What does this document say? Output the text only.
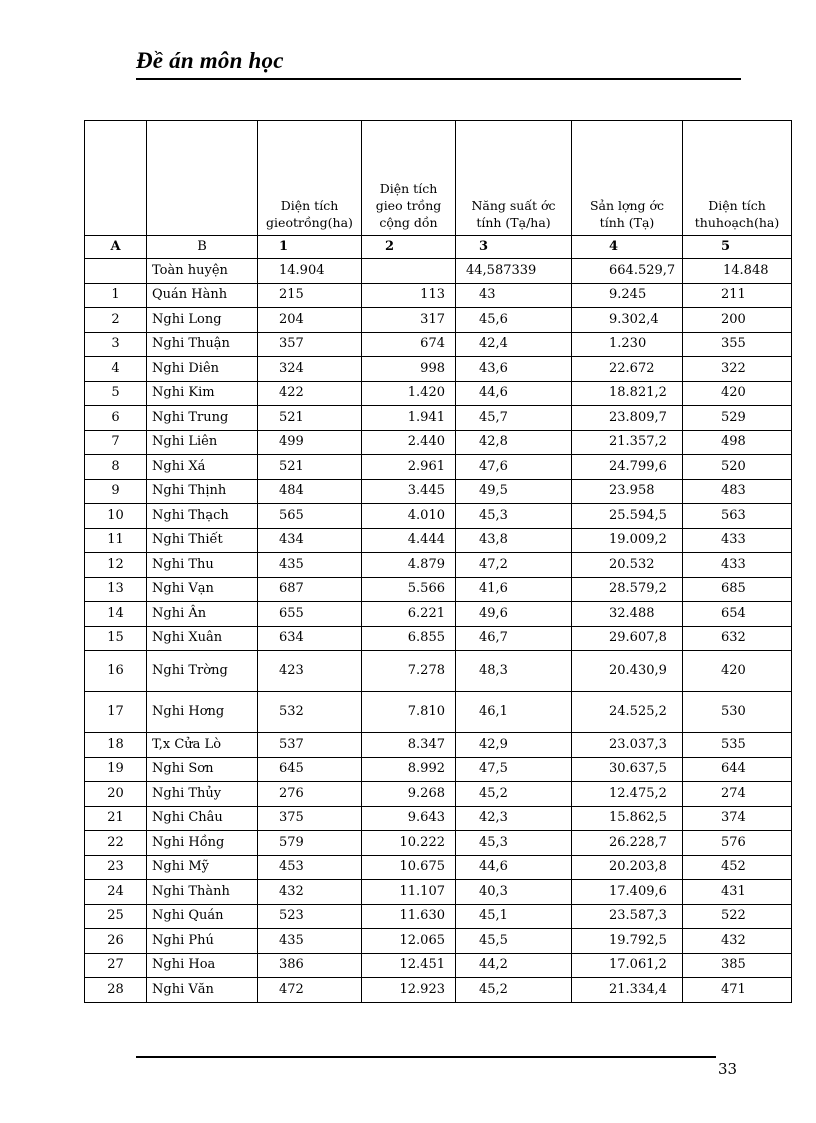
Đề án môn học
		Diện tích gieotrồng(ha)	Diện tích gieo trồng cộng dồn	Năng suất ớc tính (Tạ/ha)	Sản lợng ớc tính (Tạ)	Diện tích thuhoạch(ha)
A	B	1	2	3	4	5
	Toàn huyện	14.904		44,587339	664.529,7	14.848
1	Quán Hành	215	113	43	9.245	211
2	Nghi Long	204	317	45,6	9.302,4	200
3	Nghi Thuận	357	674	42,4	1.230	355
4	Nghi Diên	324	998	43,6	22.672	322
5	Nghi Kim	422	1.420	44,6	18.821,2	420
6	Nghi Trung	521	1.941	45,7	23.809,7	529
7	Nghi Liên	499	2.440	42,8	21.357,2	498
8	Nghi Xá	521	2.961	47,6	24.799,6	520
9	Nghi Thịnh	484	3.445	49,5	23.958	483
10	Nghi Thạch	565	4.010	45,3	25.594,5	563
11	Nghi Thiết	434	4.444	43,8	19.009,2	433
12	Nghi Thu	435	4.879	47,2	20.532	433
13	Nghi Vạn	687	5.566	41,6	28.579,2	685
14	Nghi Ân	655	6.221	49,6	32.488	654
15	Nghi Xuân	634	6.855	46,7	29.607,8	632
16	Nghi Trờng	423	7.278	48,3	20.430,9	420
17	Nghi Hơng	532	7.810	46,1	24.525,2	530
18	T,x Cửa Lò	537	8.347	42,9	23.037,3	535
19	Nghi Sơn	645	8.992	47,5	30.637,5	644
20	Nghi Thủy	276	9.268	45,2	12.475,2	274
21	Nghi Châu	375	9.643	42,3	15.862,5	374
22	Nghi Hồng	579	10.222	45,3	26.228,7	576
23	Nghi Mỹ	453	10.675	44,6	20.203,8	452
24	Nghi Thành	432	11.107	40,3	17.409,6	431
25	Nghi Quán	523	11.630	45,1	23.587,3	522
26	Nghi Phú	435	12.065	45,5	19.792,5	432
27	Nghi Hoa	386	12.451	44,2	17.061,2	385
28	Nghi Văn	472	12.923	45,2	21.334,4	471
33
